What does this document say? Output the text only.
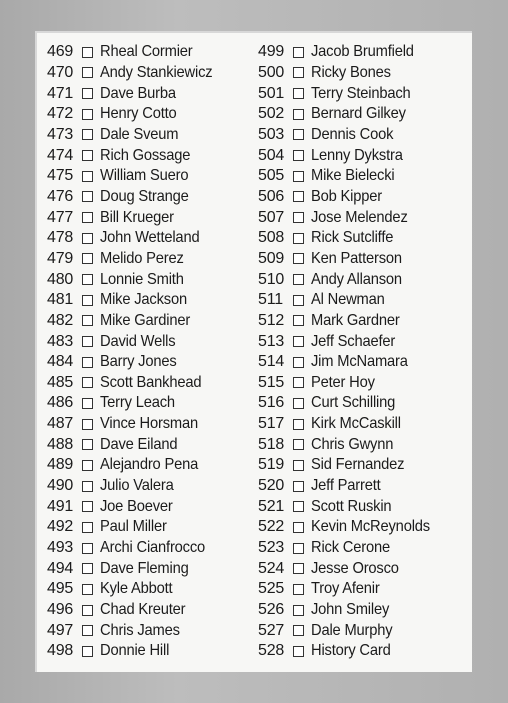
469	Rheal Cormier
470	Andy Stankiewicz
471	Dave Burba
472	Henry Cotto
473	Dale Sveum
474	Rich Gossage
475	William Suero
476	Doug Strange
477	Bill Krueger
478	John Wetteland
479	Melido Perez
480	Lonnie Smith
481	Mike Jackson
482	Mike Gardiner
483	David Wells
484	Barry Jones
485	Scott Bankhead
486	Terry Leach
487	Vince Horsman
488	Dave Eiland
489	Alejandro Pena
490	Julio Valera
491	Joe Boever
492	Paul Miller
493	Archi Cianfrocco
494	Dave Fleming
495	Kyle Abbott
496	Chad Kreuter
497	Chris James
498	Donnie Hill
499	Jacob Brumfield
500	Ricky Bones
501	Terry Steinbach
502	Bernard Gilkey
503	Dennis Cook
504	Lenny Dykstra
505	Mike Bielecki
506	Bob Kipper
507	Jose Melendez
508	Rick Sutcliffe
509	Ken Patterson
510	Andy Allanson
511	Al Newman
512	Mark Gardner
513	Jeff Schaefer
514	Jim McNamara
515	Peter Hoy
516	Curt Schilling
517	Kirk McCaskill
518	Chris Gwynn
519	Sid Fernandez
520	Jeff Parrett
521	Scott Ruskin
522	Kevin McReynolds
523	Rick Cerone
524	Jesse Orosco
525	Troy Afenir
526	John Smiley
527	Dale Murphy
528	History Card
